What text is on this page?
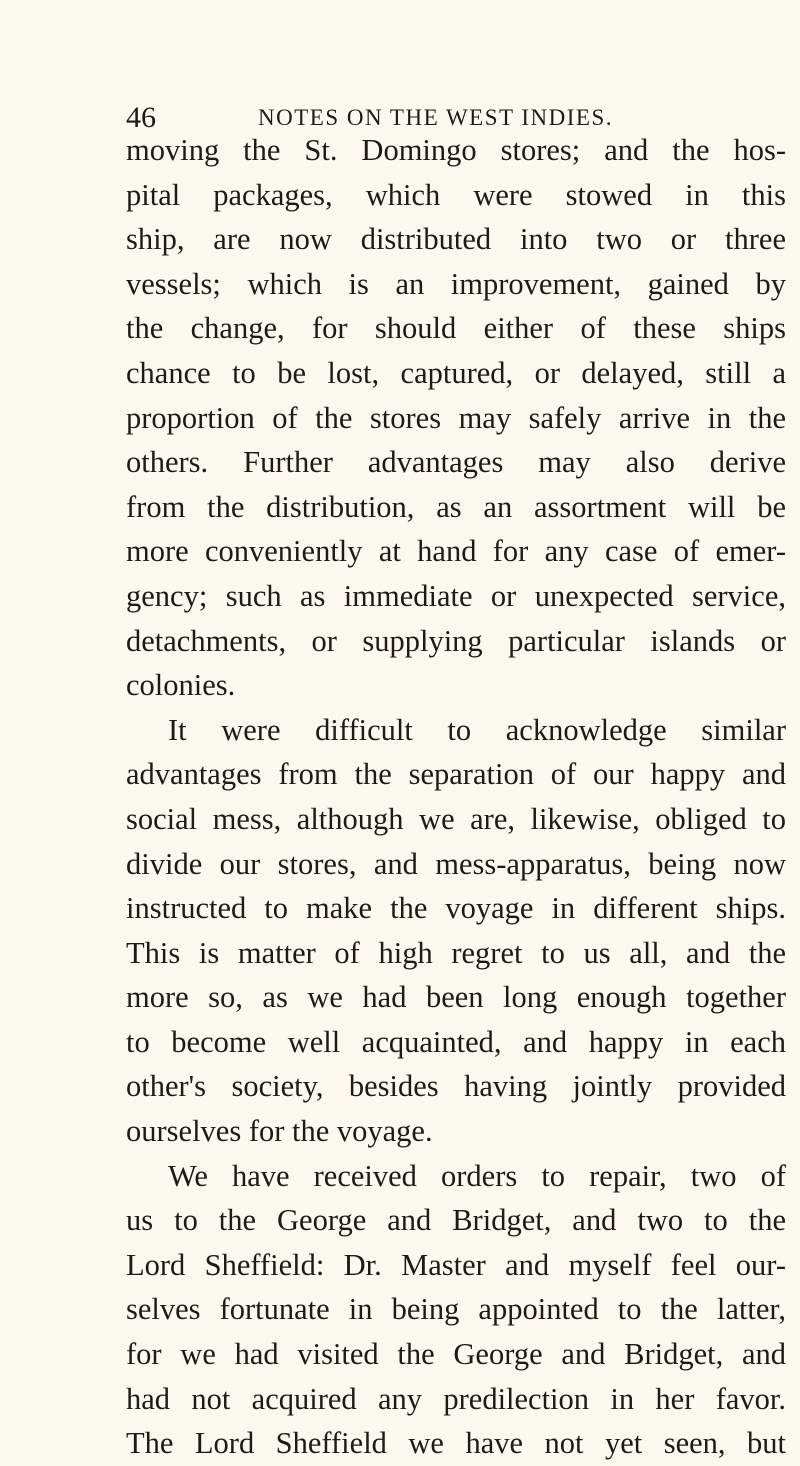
46	NOTES ON THE WEST INDIES.
moving the St. Domingo stores; and the hos-
pital packages, which were stowed in this
ship, are now distributed into two or three
vessels; which is an improvement, gained by
the change, for should either of these ships
chance to be lost, captured, or delayed, still a
proportion of the stores may safely arrive in the
others. Further advantages may also derive
from the distribution, as an assortment will be
more conveniently at hand for any case of emer-
gency; such as immediate or unexpected service,
detachments, or supplying particular islands or
colonies.
It were difficult to acknowledge similar
advantages from the separation of our happy and
social mess, although we are, likewise, obliged to
divide our stores, and mess-apparatus, being now
instructed to make the voyage in different ships.
This is matter of high regret to us all, and the
more so, as we had been long enough together
to become well acquainted, and happy in each
other's society, besides having jointly provided
ourselves for the voyage.
We have received orders to repair, two of
us to the George and Bridget, and two to the
Lord Sheffield: Dr. Master and myself feel our-
selves fortunate in being appointed to the latter,
for we had visited the George and Bridget, and
had not acquired any predilection in her favor.
The Lord Sheffield we have not yet seen, but
